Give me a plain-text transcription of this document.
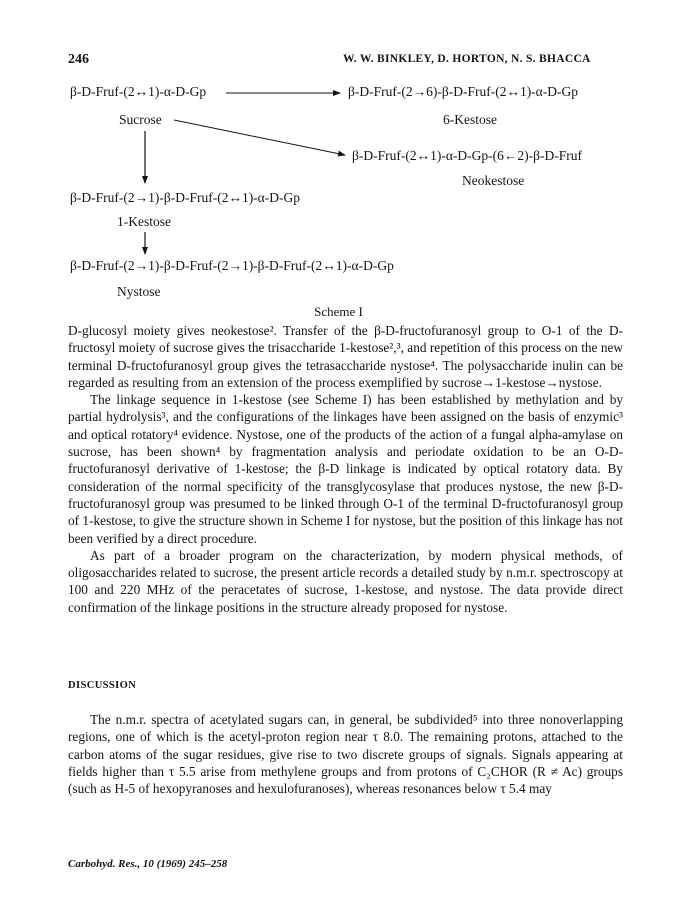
246	W. W. BINKLEY, D. HORTON, N. S. BHACCA
β-D-Fruf-(2↔1)-α-D-Gp	β-D-Fruf-(2→6)-β-D-Fruf-(2↔1)-α-D-Gp
Sucrose	6-Kestose
β-D-Fruf-(2↔1)-α-D-Gp-(6←2)-β-D-Fruf
Neokestose
β-D-Fruf-(2→1)-β-D-Fruf-(2↔1)-α-D-Gp
1-Kestose
β-D-Fruf-(2→1)-β-D-Fruf-(2→1)-β-D-Fruf-(2↔1)-α-D-Gp
Nystose
Scheme I

D-glucosyl moiety gives neokestose². Transfer of the β-D-fructofuranosyl group to O-1 of the D-fructosyl moiety of sucrose gives the trisaccharide 1-kestose²,³, and repetition of this process on the new terminal D-fructofuranosyl group gives the tetrasaccharide nystose⁴. The polysaccharide inulin can be regarded as resulting from an extension of the process exemplified by sucrose→1-kestose→nystose.

The linkage sequence in 1-kestose (see Scheme I) has been established by methylation and by partial hydrolysis³, and the configurations of the linkages have been assigned on the basis of enzymic³ and optical rotatory⁴ evidence. Nystose, one of the products of the action of a fungal alpha-amylase on sucrose, has been shown⁴ by fragmentation analysis and periodate oxidation to be an O-D-fructofuranosyl derivative of 1-kestose; the β-D linkage is indicated by optical rotatory data. By consideration of the normal specificity of the transglycosylase that produces nystose, the new β-D-fructofuranosyl group was presumed to be linked through O-1 of the terminal D-fructofuranosyl group of 1-kestose, to give the structure shown in Scheme I for nystose, but the position of this linkage has not been verified by a direct procedure.

As part of a broader program on the characterization, by modern physical methods, of oligosaccharides related to sucrose, the present article records a detailed study by n.m.r. spectroscopy at 100 and 220 MHz of the peracetates of sucrose, 1-kestose, and nystose. The data provide direct confirmation of the linkage positions in the structure already proposed for nystose.

DISCUSSION

The n.m.r. spectra of acetylated sugars can, in general, be subdivided⁵ into three nonoverlapping regions, one of which is the acetyl-proton region near τ 8.0. The remaining protons, attached to the carbon atoms of the sugar residues, give rise to two discrete groups of signals. Signals appearing at fields higher than τ 5.5 arise from methylene groups and from protons of C₂CHOR (R ≠ Ac) groups (such as H-5 of hexopyranoses and hexulofuranoses), whereas resonances below τ 5.4 may

Carbohyd. Res., 10 (1969) 245–258
